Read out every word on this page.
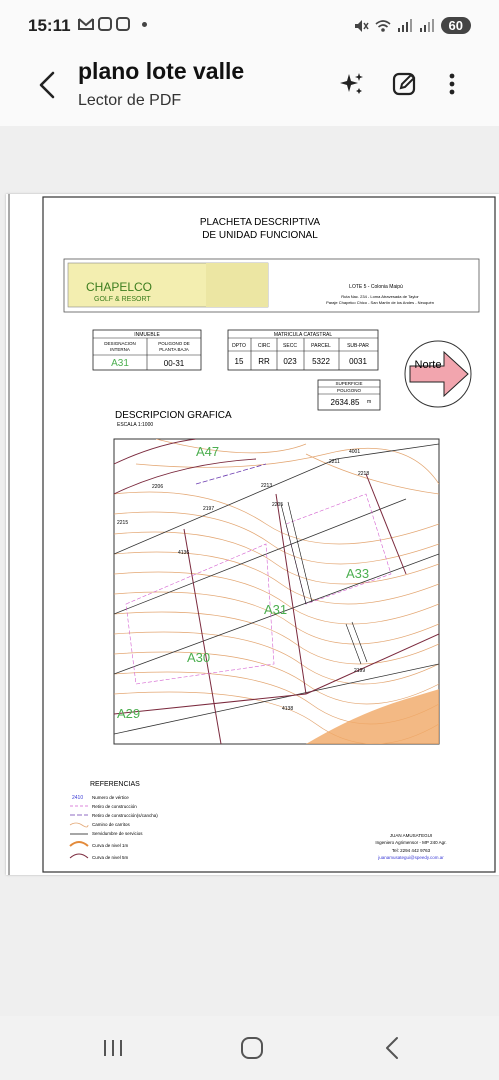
15:11	60
plano lote valle
Lector de PDF
PLACHETA DESCRIPTIVA
DE UNIDAD FUNCIONAL
CHAPELCO
GOLF & RESORT
LOTE 5 - Colonia Maipú
Ruta Nac. 234 - Loma Atravesada de Taylor
Paraje Chapelco Chico - San Martín de los Andes - Neuquén
INMUEBLE
DESIGNACION
INTERNA
POLIGONO DE
PLANTA BAJA
A31	00-31
MATRICULA CATASTRAL
DPTO CIRC	SECC	PARCEL	SUB-PAR
15 RR 023 5322 0031
SUPERFICIE
POLIGONO
2634.85 m
Norte
DESCRIPCION GRAFICA
ESCALA 1:1000
A47
A33
A31
A30
A29
4001
2211
2218
2206
2197
2215
2213
2205
4136
2199
4138
REFERENCIAS
2410 Numero de vértice
Retiro de construcción
Retiro de construcción(s/cancha)
Camino de carritos
Servidumbre de servicios
Curva de nivel 1m
Curva de nivel 5m
JUAN AMUSATEGUI
Ingeniero Agrimensor - MP 240 Agr.
Tel: 2294 442 9763
juanamusategui@speedy.com.ar
